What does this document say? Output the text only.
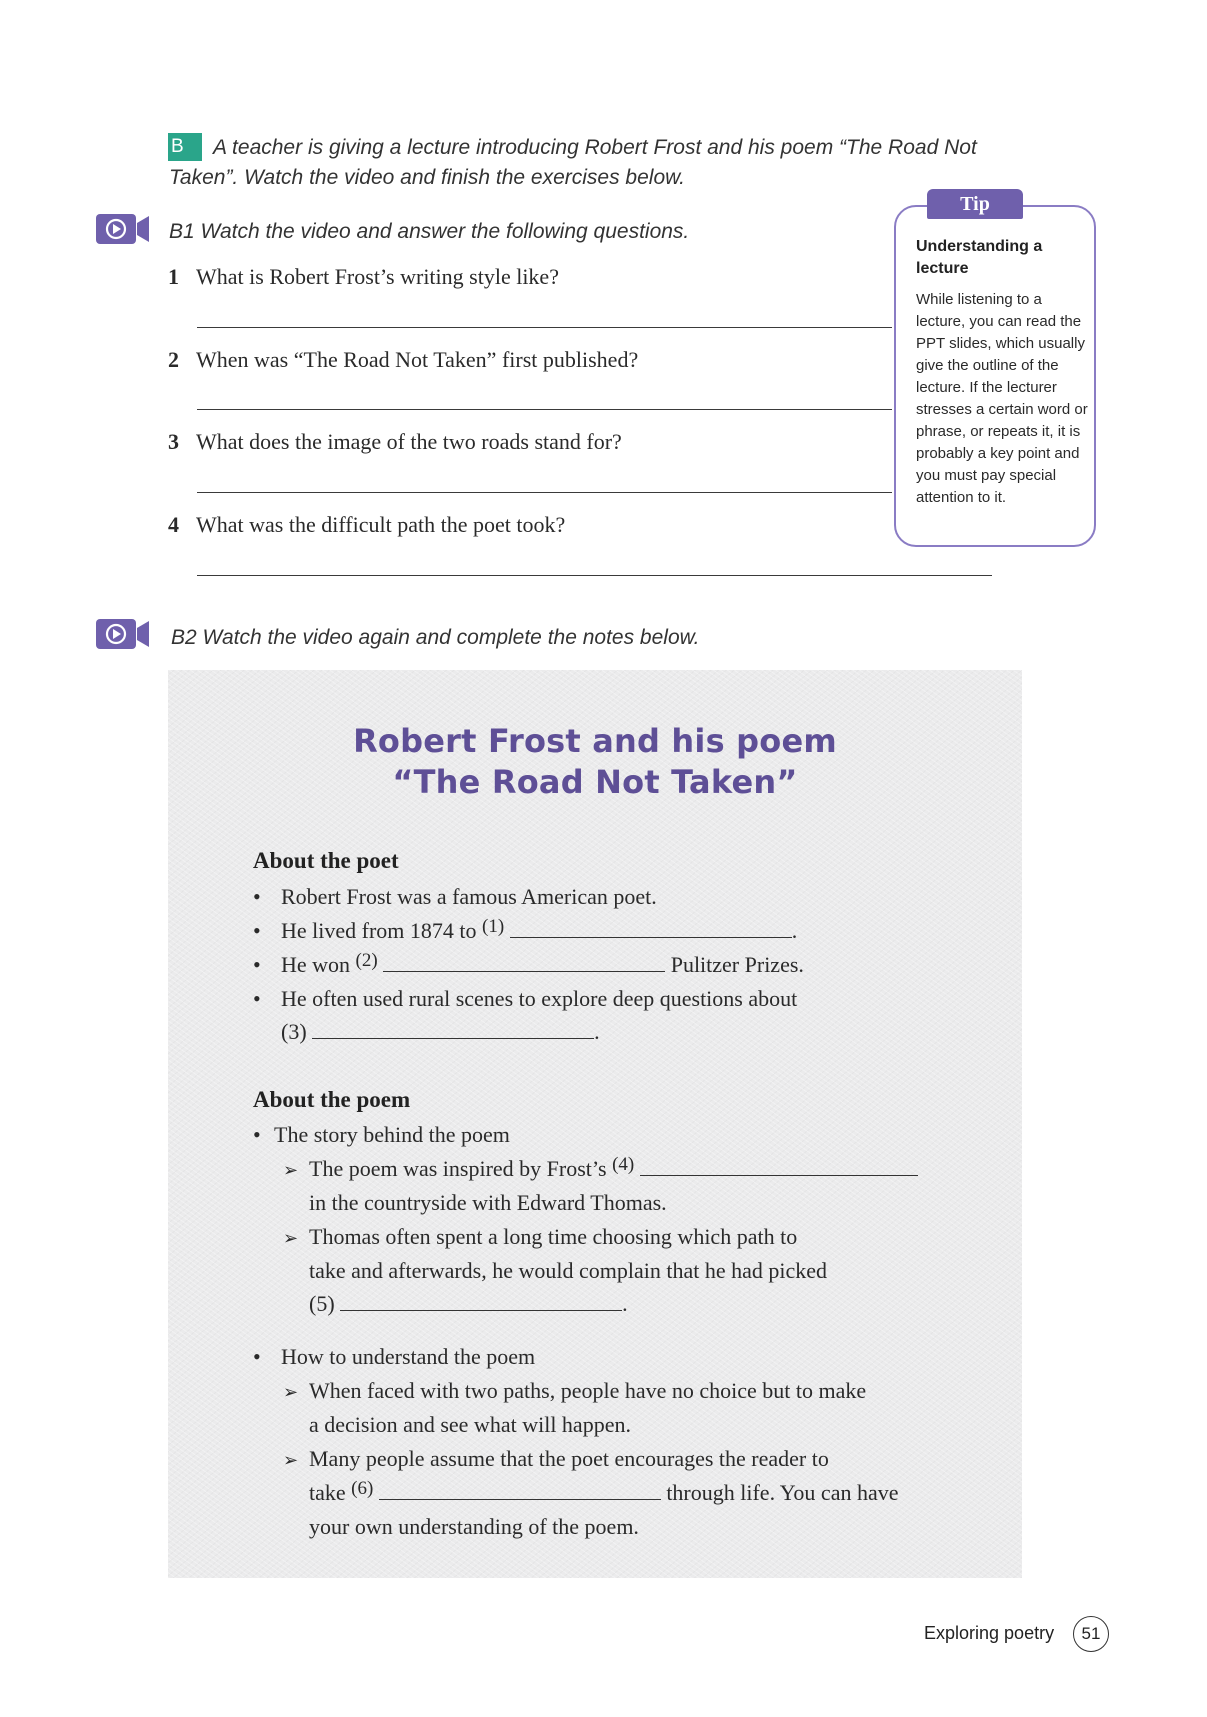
B	A teacher is giving a lecture introducing Robert Frost and his poem “The Road Not
Taken”. Watch the video and finish the exercises below.
B1 Watch the video and answer the following questions.
1 What is Robert Frost’s writing style like?
2 When was “The Road Not Taken” first published?
3 What does the image of the two roads stand for?
4 What was the difficult path the poet took?
Tip
Understanding a lecture
While listening to a lecture, you can read the PPT slides, which usually give the outline of the lecture. If the lecturer stresses a certain word or phrase, or repeats it, it is probably a key point and you must pay special attention to it.
B2 Watch the video again and complete the notes below.
Robert Frost and his poem
“The Road Not Taken”
About the poet
• Robert Frost was a famous American poet.
• He lived from 1874 to $^{(1)}$	.
• He won $^{(2)}$	Pulitzer Prizes.
• He often used rural scenes to explore deep questions about
(3)	.
About the poem
• The story behind the poem
➢ The poem was inspired by Frost’s $^{(4)}$
in the countryside with Edward Thomas.
➢ Thomas often spent a long time choosing which path to
take and afterwards, he would complain that he had picked
(5)	.
• How to understand the poem
➢ When faced with two paths, people have no choice but to make
a decision and see what will happen.
➢ Many people assume that the poet encourages the reader to
take $^{(6)}$	through life. You can have
your own understanding of the poem.
Exploring poetry	51
